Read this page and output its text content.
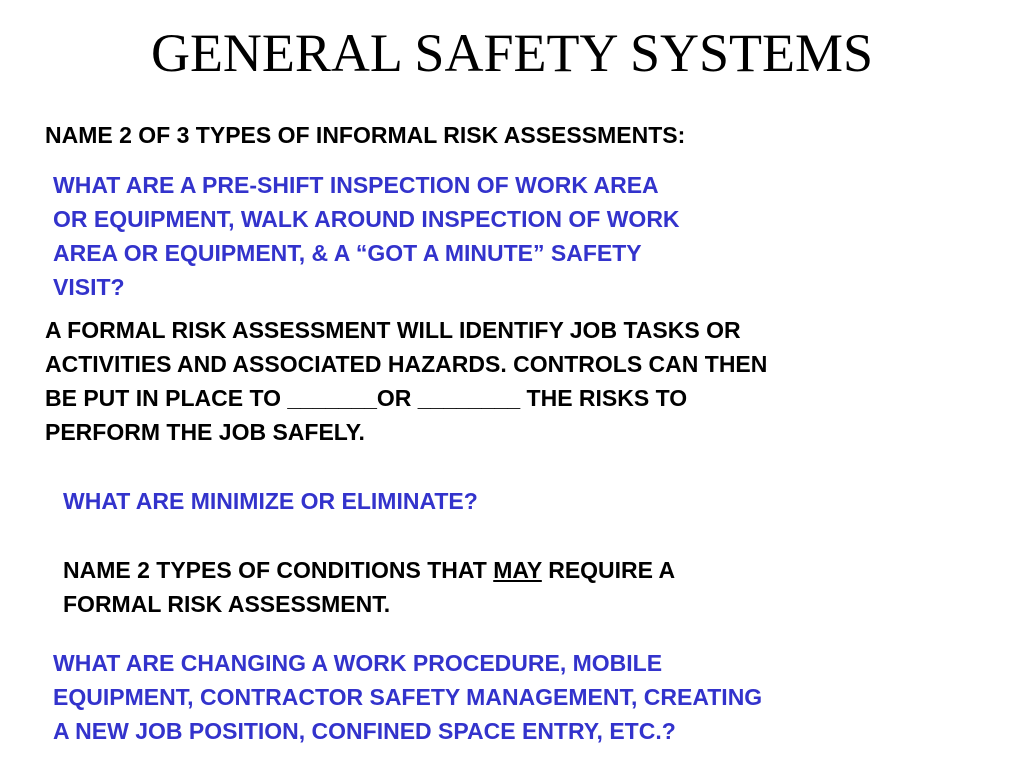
GENERAL SAFETY SYSTEMS

NAME 2 OF 3 TYPES OF INFORMAL RISK ASSESSMENTS:

WHAT ARE A PRE-SHIFT INSPECTION OF WORK AREA
OR EQUIPMENT, WALK AROUND INSPECTION OF WORK
AREA OR EQUIPMENT, & A “GOT A MINUTE” SAFETY
VISIT?
A FORMAL RISK ASSESSMENT WILL IDENTIFY JOB TASKS OR
ACTIVITIES AND ASSOCIATED HAZARDS. CONTROLS CAN THEN
BE PUT IN PLACE TO _______OR ________ THE RISKS TO
PERFORM THE JOB SAFELY.

WHAT ARE MINIMIZE OR ELIMINATE?

NAME 2 TYPES OF CONDITIONS THAT MAY REQUIRE A
FORMAL RISK ASSESSMENT.
WHAT ARE CHANGING A WORK PROCEDURE, MOBILE
EQUIPMENT, CONTRACTOR SAFETY MANAGEMENT, CREATING
A NEW JOB POSITION, CONFINED SPACE ENTRY, ETC.?
